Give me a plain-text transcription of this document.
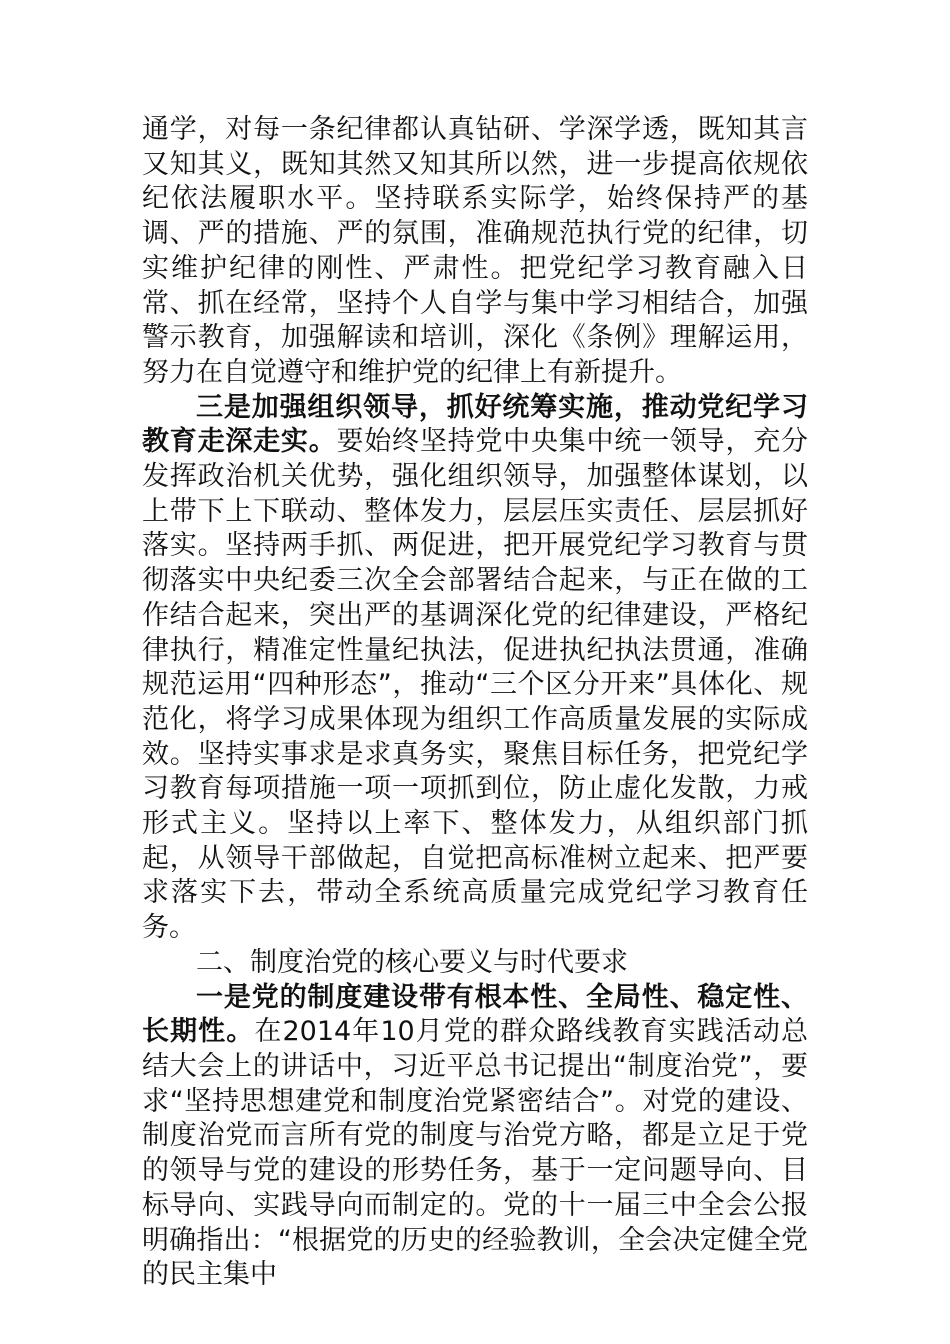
通学，对每一条纪律都认真钻研、学深学透，既知其言又知其义，既知其然又知其所以然，进一步提高依规依纪依法履职水平。坚持联系实际学，始终保持严的基调、严的措施、严的氛围，准确规范执行党的纪律，切实维护纪律的刚性、严肃性。把党纪学习教育融入日常、抓在经常，坚持个人自学与集中学习相结合，加强警示教育，加强解读和培训，深化《条例》理解运用，努力在自觉遵守和维护党的纪律上有新提升。

三是加强组织领导，抓好统筹实施，推动党纪学习教育走深走实。要始终坚持党中央集中统一领导，充分发挥政治机关优势，强化组织领导，加强整体谋划，以上带下上下联动、整体发力，层层压实责任、层层抓好落实。坚持两手抓、两促进，把开展党纪学习教育与贯彻落实中央纪委三次全会部署结合起来，与正在做的工作结合起来，突出严的基调深化党的纪律建设，严格纪律执行，精准定性量纪执法，促进执纪执法贯通，准确规范运用“四种形态”，推动“三个区分开来”具体化、规范化，将学习成果体现为组织工作高质量发展的实际成效。坚持实事求是求真务实，聚焦目标任务，把党纪学习教育每项措施一项一项抓到位，防止虚化发散，力戒形式主义。坚持以上率下、整体发力，从组织部门抓起，从领导干部做起，自觉把高标准树立起来、把严要求落实下去，带动全系统高质量完成党纪学习教育任务。

二、制度治党的核心要义与时代要求

一是党的制度建设带有根本性、全局性、稳定性、长期性。在2014年10月党的群众路线教育实践活动总结大会上的讲话中，习近平总书记提出“制度治党”，要求“坚持思想建党和制度治党紧密结合”。对党的建设、制度治党而言所有党的制度与治党方略，都是立足于党的领导与党的建设的形势任务，基于一定问题导向、目标导向、实践导向而制定的。党的十一届三中全会公报明确指出：“根据党的历史的经验教训，全会决定健全党的民主集中
